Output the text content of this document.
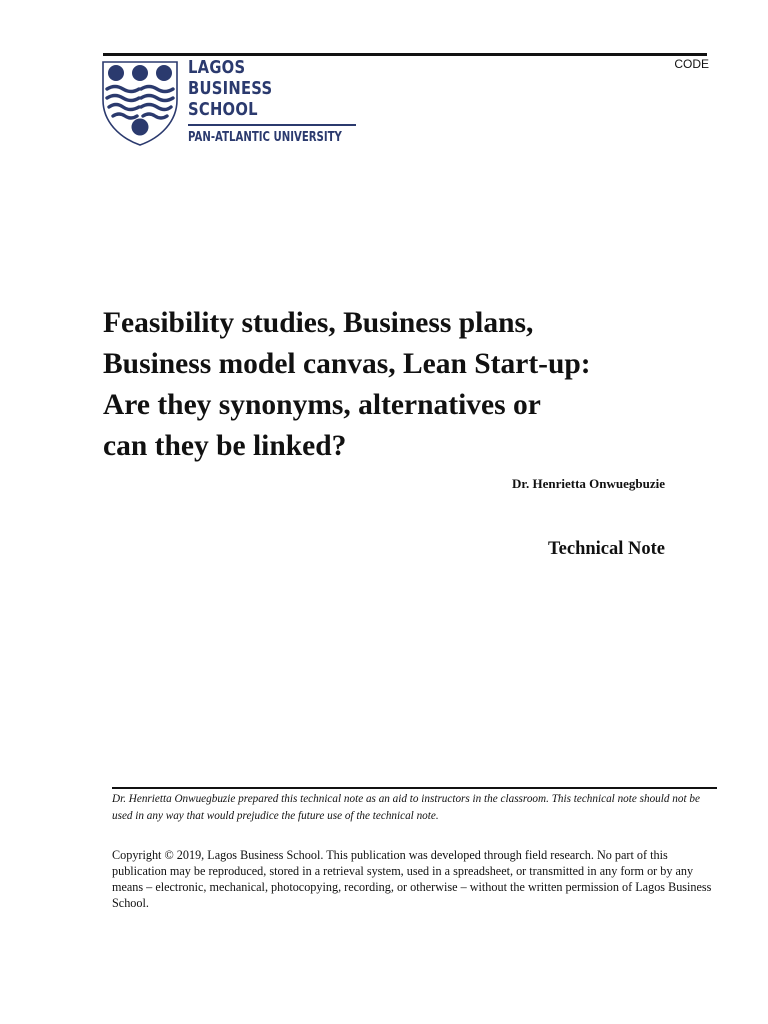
CODE
LAGOS
BUSINESS
SCHOOL
PAN-ATLANTIC UNIVERSITY
Feasibility studies, Business plans,
Business model canvas, Lean Start-up:
Are they synonyms, alternatives or
can they be linked?
Dr. Henrietta Onwuegbuzie
Technical Note

Dr. Henrietta Onwuegbuzie prepared this technical note as an aid to instructors in the classroom. This technical note should not be used in any way that would prejudice the future use of the technical note.

Copyright © 2019, Lagos Business School. This publication was developed through field research. No part of this publication may be reproduced, stored in a retrieval system, used in a spreadsheet, or transmitted in any form or by any means – electronic, mechanical, photocopying, recording, or otherwise – without the written permission of Lagos Business School.
